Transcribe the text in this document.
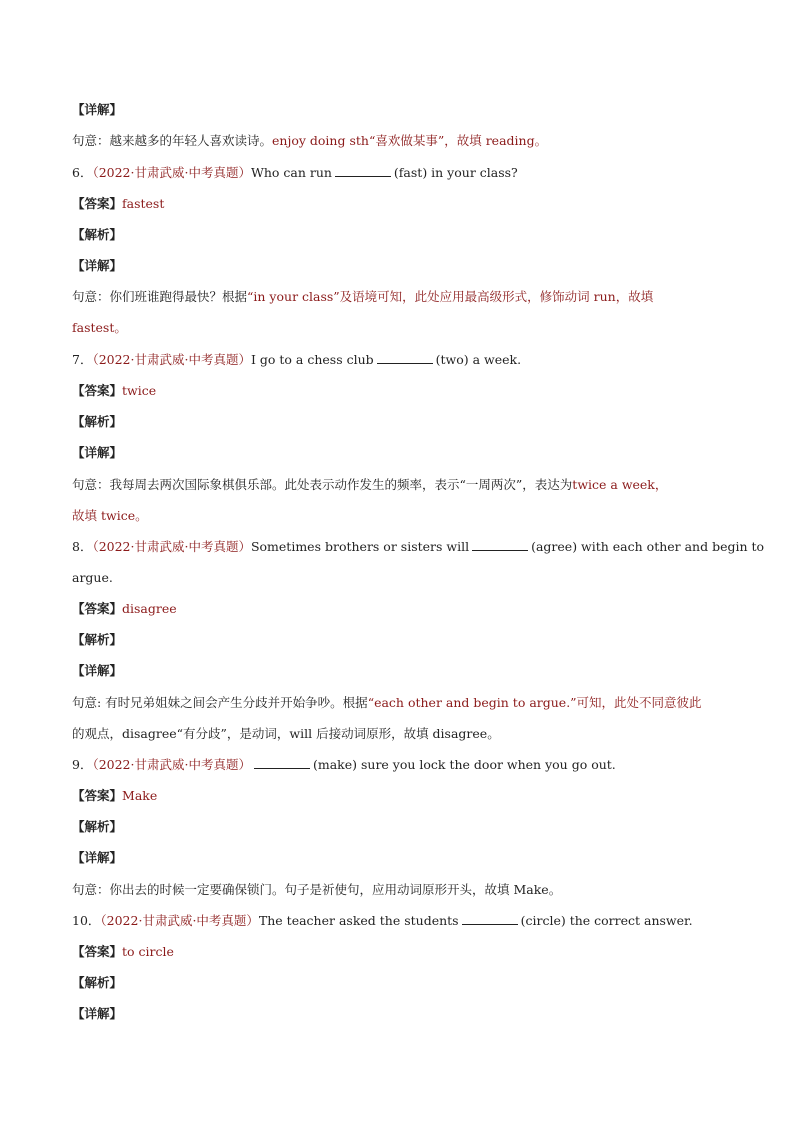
【详解】
句意：越来越多的年轻人喜欢读诗。enjoy doing sth“喜欢做某事”，故填 reading。
6．（2022·甘肃武威·中考真题）Who can run	(fast) in your class?
【答案】fastest
【解析】
【详解】
句意：你们班谁跑得最快？根据“in your class”及语境可知，此处应用最高级形式，修饰动词 run，故填
fastest。
7．（2022·甘肃武威·中考真题）I go to a chess club	(two) a week.
【答案】twice
【解析】
【详解】
句意：我每周去两次国际象棋俱乐部。此处表示动作发生的频率，表示“一周两次”，表达为twice a week，
故填 twice。
8．（2022·甘肃武威·中考真题）Sometimes brothers or sisters will	(agree) with each other and begin to
argue.
【答案】disagree
【解析】
【详解】
句意: 有时兄弟姐妹之间会产生分歧并开始争吵。根据“each other and begin to argue.”可知，此处不同意彼此
的观点，disagree“有分歧”，是动词，will 后接动词原形，故填 disagree。
9．（2022·甘肃武威·中考真题）	(make) sure you lock the door when you go out.
【答案】Make
【解析】
【详解】
句意：你出去的时候一定要确保锁门。句子是祈使句，应用动词原形开头，故填 Make。
10．（2022·甘肃武威·中考真题）The teacher asked the students	(circle) the correct answer.
【答案】to circle
【解析】
【详解】
